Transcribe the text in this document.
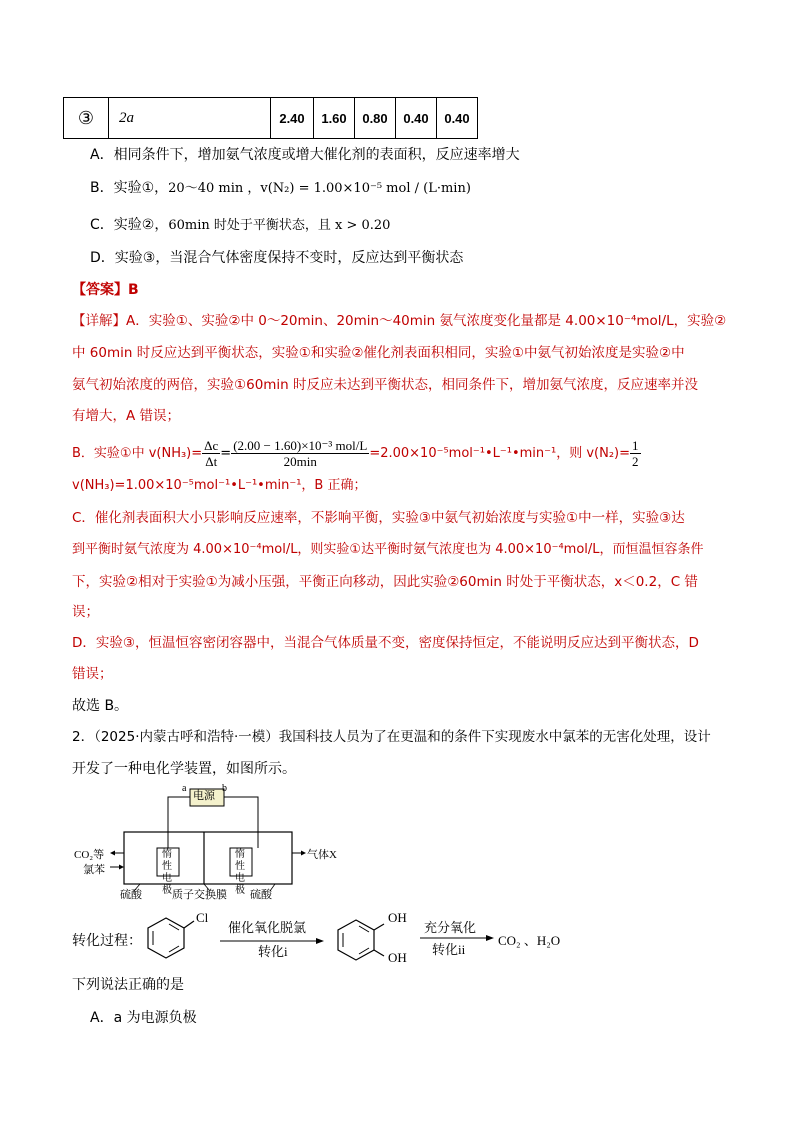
③	2a	2.40	1.60	0.80	0.40	0.40
A．相同条件下，增加氨气浓度或增大催化剂的表面积，反应速率增大
B．实验①，20～40 min ，v(N₂) = 1.00×10⁻⁵ mol / (L·min)
C．实验②，60min 时处于平衡状态，且 x > 0.20
D．实验③，当混合气体密度保持不变时，反应达到平衡状态
【答案】B
【详解】A．实验①、实验②中 0～20min、20min～40min 氨气浓度变化量都是 4.00×10⁻⁴mol/L，实验②
中 60min 时反应达到平衡状态，实验①和实验②催化剂表面积相同，实验①中氨气初始浓度是实验②中
氨气初始浓度的两倍，实验①60min 时反应未达到平衡状态，相同条件下，增加氨气浓度，反应速率并没
有增大，A 错误；
B．实验①中 $v(NH_3)= \frac{\Delta c}{\Delta t} = \frac{\text{(2.00 − 1.60)×10⁻³ mol/L}}{20\min}$ =2.00×10⁻⁵mol⁻¹•L⁻¹•min⁻¹，则 $v(N_2)= \frac{1}{2}$
v(NH₃)=1.00×10⁻⁵mol⁻¹•L⁻¹•min⁻¹，B 正确；
C．催化剂表面积大小只影响反应速率，不影响平衡，实验③中氨气初始浓度与实验①中一样，实验③达
到平衡时氨气浓度为 4.00×10⁻⁴mol/L，则实验①达平衡时氨气浓度也为 4.00×10⁻⁴mol/L，而恒温恒容条件
下，实验②相对于实验①为减小压强，平衡正向移动，因此实验②60min 时处于平衡状态，x＜0.2，C 错
误；
D．实验③，恒温恒容密闭容器中，当混合气体质量不变，密度保持恒定，不能说明反应达到平衡状态，D
错误；
故选 B。
2．（2025·内蒙古呼和浩特·一模）我国科技人员为了在更温和的条件下实现废水中氯苯的无害化处理，设计
开发了一种电化学装置，如图所示。
电源
a	b
CO₂等	气体X
氯苯
惰性电极
惰性电极
硫酸	质子交换膜 硫酸
转化过程：
Cl
催化氧化脱氯
转化i
OH
OH
充分氧化
转化ii
CO₂ 、H₂O
下列说法正确的是
A．a 为电源负极
